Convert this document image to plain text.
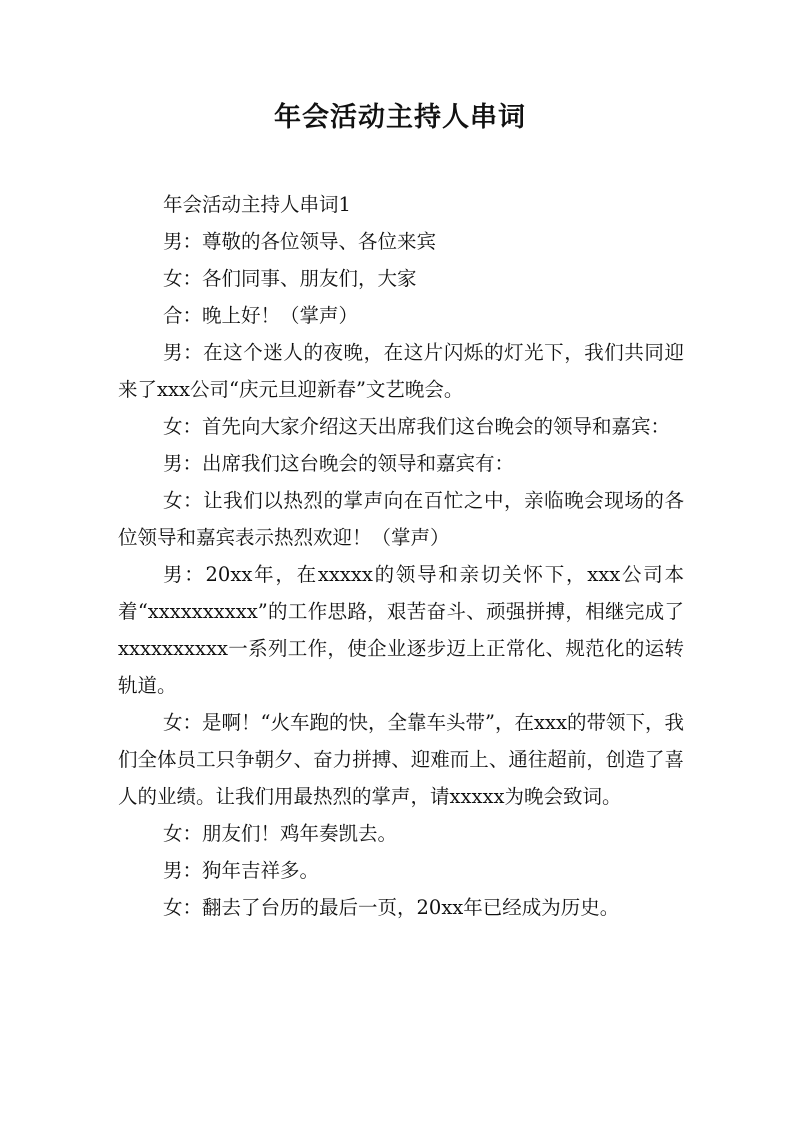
年会活动主持人串词

年会活动主持人串词1

男：尊敬的各位领导、各位来宾

女：各们同事、朋友们，大家

合：晚上好！（掌声）

男：在这个迷人的夜晚，在这片闪烁的灯光下，我们共同迎来了xxx公司“庆元旦迎新春”文艺晚会。

女：首先向大家介绍这天出席我们这台晚会的领导和嘉宾：

男：出席我们这台晚会的领导和嘉宾有：

女：让我们以热烈的掌声向在百忙之中，亲临晚会现场的各位领导和嘉宾表示热烈欢迎！（掌声）

男：20xx年，在xxxxx的领导和亲切关怀下，xxx公司本着“xxxxxxxxxx”的工作思路，艰苦奋斗、顽强拼搏，相继完成了xxxxxxxxxx一系列工作，使企业逐步迈上正常化、规范化的运转轨道。

女：是啊！“火车跑的快，全靠车头带”，在xxx的带领下，我们全体员工只争朝夕、奋力拼搏、迎难而上、通往超前，创造了喜人的业绩。让我们用最热烈的掌声，请xxxxx为晚会致词。

女：朋友们！鸡年奏凯去。

男：狗年吉祥多。

女：翻去了台历的最后一页，20xx年已经成为历史。
